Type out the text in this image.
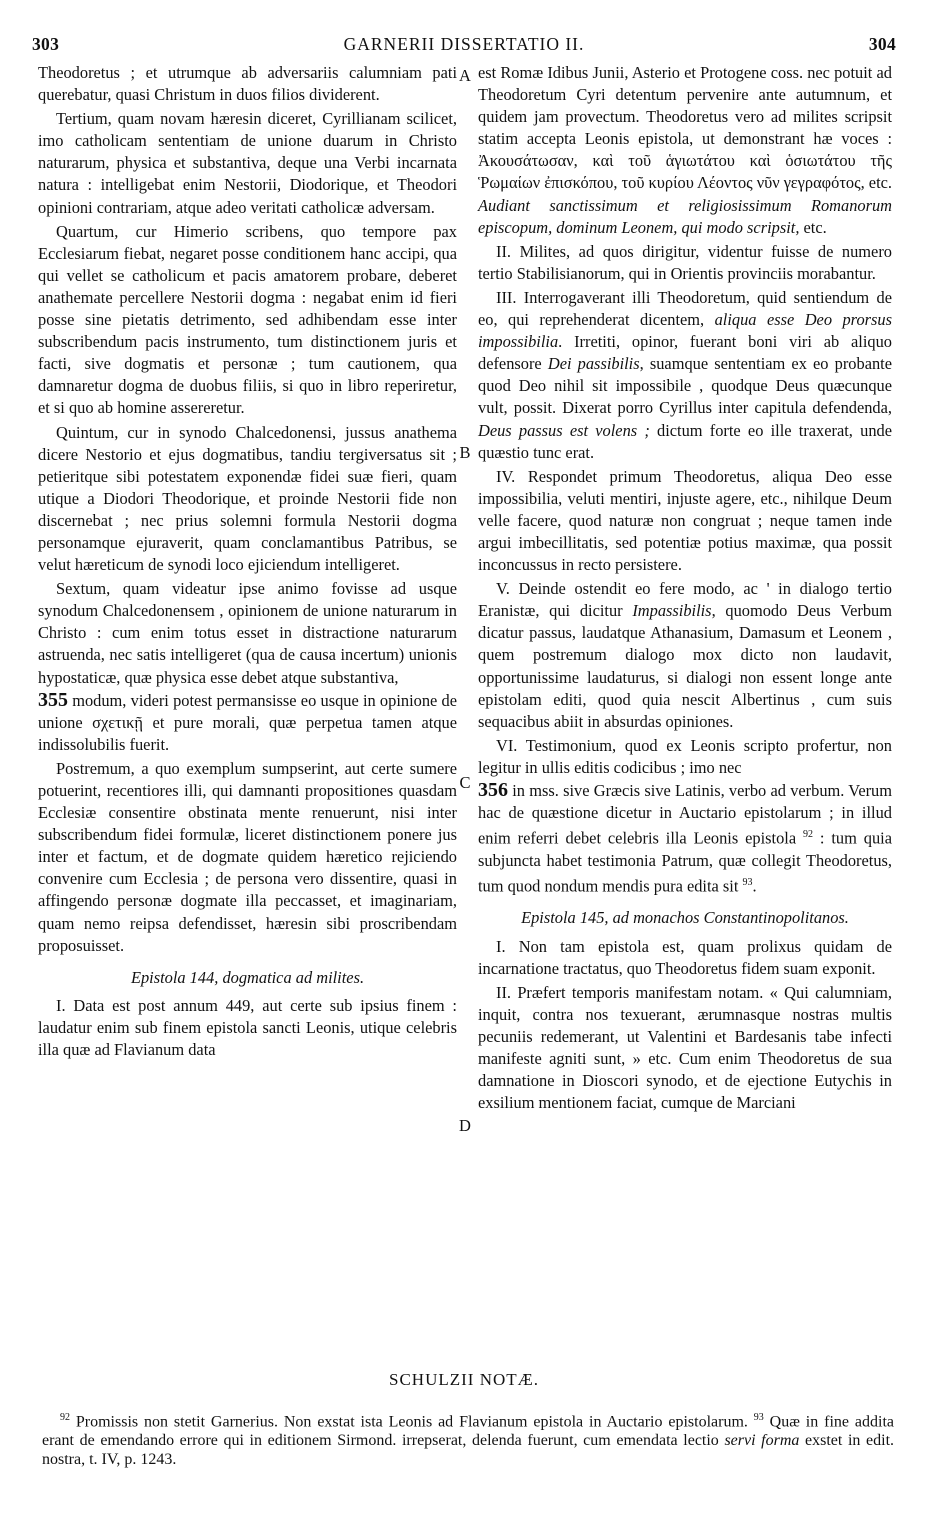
303	GARNERII DISSERTATIO II.	304
A
B
C
D

Theodoretus ; et utrumque ab adversariis calumniam pati querebatur, quasi Christum in duos filios dividerent.

Tertium, quam novam hæresin diceret, Cyrillianam scilicet, imo catholicam sententiam de unione duarum in Christo naturarum, physica et substantiva, deque una Verbi incarnata natura : intelligebat enim Nestorii, Diodorique, et Theodori opinioni contrariam, atque adeo veritati catholicæ adversam.

Quartum, cur Himerio scribens, quo tempore pax Ecclesiarum fiebat, negaret posse conditionem hanc accipi, qua qui vellet se catholicum et pacis amatorem probare, deberet anathemate percellere Nestorii dogma : negabat enim id fieri posse sine pietatis detrimento, sed adhibendam esse inter subscribendum pacis instrumento, tum distinctionem juris et facti, sive dogmatis et personæ ; tum cautionem, qua damnaretur dogma de duobus filiis, si quo in libro reperiretur, et si quo ab homine assereretur.

Quintum, cur in synodo Chalcedonensi, jussus anathema dicere Nestorio et ejus dogmatibus, tandiu tergiversatus sit ; petieritque sibi potestatem exponendæ fidei suæ fieri, quam utique a Diodori Theodorique, et proinde Nestorii fide non discernebat ; nec prius solemni formula Nestorii dogma personamque ejuraverit, quam conclamantibus Patribus, se velut hæreticum de synodi loco ejiciendum intelligeret.

Sextum, quam videatur ipse animo fovisse ad usque synodum Chalcedonensem , opinionem de unione naturarum in Christo : cum enim totus esset in distractione naturarum astruenda, nec satis intelligeret (qua de causa incertum) unionis hypostaticæ, quæ physica esse debet atque substantiva,
355 modum, videri potest permansisse eo usque in opinione de unione σχετικῇ et pure morali, quæ perpetua tamen atque indissolubilis fuerit.

Postremum, a quo exemplum sumpserint, aut certe sumere potuerint, recentiores illi, qui damnanti propositiones quasdam Ecclesiæ consentire obstinata mente renuerunt, nisi inter subscribendum fidei formulæ, liceret distinctionem ponere jus inter et factum, et de dogmate quidem hæretico rejiciendo convenire cum Ecclesia ; de persona vero dissentire, quasi in affingendo personæ dogmate illa peccasset, et imaginariam, quam nemo reipsa defendisset, hæresin sibi proscribendam proposuisset.

Epistola 144, dogmatica ad milites.

I. Data est post annum 449, aut certe sub ipsius finem : laudatur enim sub finem epistola sancti Leonis, utique celebris illa quæ ad Flavianum data

est Romæ Idibus Junii, Asterio et Protogene coss. nec potuit ad Theodoretum Cyri detentum pervenire ante autumnum, et quidem jam provectum. Theodoretus vero ad milites scripsit statim accepta Leonis epistola, ut demonstrant hæ voces : Ἀκουσάτωσαν, καὶ τοῦ ἁγιωτάτου καὶ ὁσιωτάτου τῆς Ῥωμαίων ἐπισκόπου, τοῦ κυρίου Λέοντος νῦν γεγραφότος, etc. Audiant sanctissimum et religiosissimum Romanorum episcopum, dominum Leonem, qui modo scripsit, etc.

II. Milites, ad quos dirigitur, videntur fuisse de numero tertio Stabilisianorum, qui in Orientis provinciis morabantur.

III. Interrogaverant illi Theodoretum, quid sentiendum de eo, qui reprehenderat dicentem, aliqua esse Deo prorsus impossibilia. Irretiti, opinor, fuerant boni viri ab aliquo defensore Dei passibilis, suamque sententiam ex eo probante quod Deo nihil sit impossibile , quodque Deus quæcunque vult, possit. Dixerat porro Cyrillus inter capitula defendenda, Deus passus est volens ; dictum forte eo ille traxerat, unde quæstio tunc erat.

IV. Respondet primum Theodoretus, aliqua Deo esse impossibilia, veluti mentiri, injuste agere, etc., nihilque Deum velle facere, quod naturæ non congruat ; neque tamen inde argui imbecillitatis, sed potentiæ potius maximæ, qua possit inconcussus in recto persistere.

V. Deinde ostendit eo fere modo, ac ' in dialogo tertio Eranistæ, qui dicitur Impassibilis, quomodo Deus Verbum dicatur passus, laudatque Athanasium, Damasum et Leonem , quem postremum dialogo mox dicto non laudavit, opportunissime laudaturus, si dialogi non essent longe ante epistolam editi, quod quia nescit Albertinus , cum suis sequacibus abiit in absurdas opiniones.

VI. Testimonium, quod ex Leonis scripto profertur, non legitur in ullis editis codicibus ; imo nec
356 in mss. sive Græcis sive Latinis, verbo ad verbum. Verum hac de quæstione dicetur in Auctario epistolarum ; in illud enim referri debet celebris illa Leonis epistola $^{92}$ : tum quia subjuncta habet testimonia Patrum, quæ collegit Theodoretus, tum quod nondum mendis pura edita sit $^{93}$.

Epistola 145, ad monachos Constantinopolitanos.

I. Non tam epistola est, quam prolixus quidam de incarnatione tractatus, quo Theodoretus fidem suam exponit.

II. Præfert temporis manifestam notam. « Qui calumniam, inquit, contra nos texuerant, ærumnasque nostras multis pecuniis redemerant, ut Valentini et Bardesanis tabe infecti manifeste agniti sunt, » etc. Cum enim Theodoretus de sua damnatione in Dioscori synodo, et de ejectione Eutychis in exsilium mentionem faciat, cumque de Marciani

SCHULZII NOTÆ.

$^{92}$ Promissis non stetit Garnerius. Non exstat ista Leonis ad Flavianum epistola in Auctario epistolarum. $^{93}$ Quæ in fine addita erant de emendando errore qui in editionem Sirmond. irrepserat, delenda fuerunt, cum emendata lectio servi forma exstet in edit. nostra, t. IV, p. 1243.
